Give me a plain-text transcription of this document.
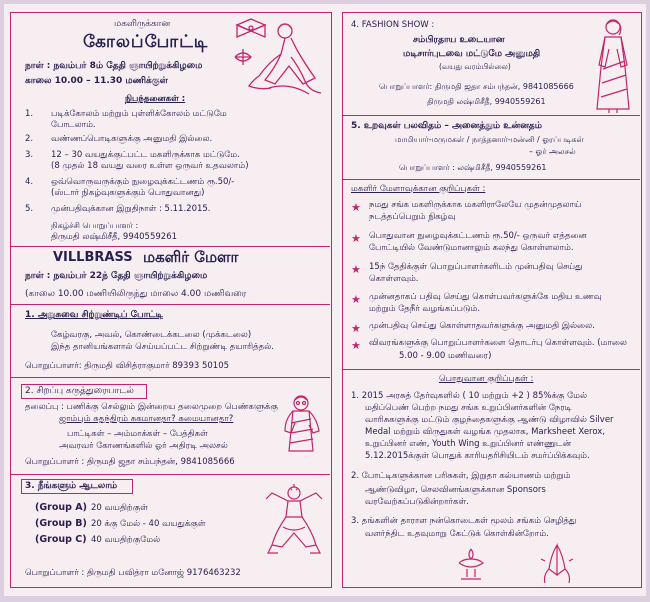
மகளிருக்கான
கோலப்போட்டி
நாள் : நவம்பர் 8ம் தேதி ஞாயிற்றுக்கிழமை
காலை 10.00 – 11.30 மணிக்குள்
நிபந்தனைகள் :
1. படிக்கோலம் மற்றும் புள்ளிக்கோலம் மட்டுமே
போடலாம்.
2. வண்ணப்பொடிகளுக்கு அனுமதி இல்லை.
3. 12 – 30 வயதுக்குட்பட்ட மகளிருக்காக மட்டுமே.
(8 முதல் 18 வயது வரை உள்ள ஒருவர் உதவலாம்)
4. ஒவ்வொருவருக்கும் நுழைவுக்கட்டணம் ரூ.50/-
(ஸ்டார் நிகழ்வுகளுக்கும் பொதுவானது)
5. முன்பதிவுக்கான இறுதிநாள் : 5.11.2015.
நிகழ்ச்சி பொறுப்பாளர் :
திருமதி லஷ்மிசீதீ, 9940559261
VILLBRASS மகளிர் மேளா
நாள் : நவம்பர் 22ந் தேதி ஞாயிற்றுக்கிழமை
(காலை 10.00 மணியிலிருந்து மாலை 4.00 மணிவரை
1. அறுசுவை சிற்றுண்டிப் போட்டி
கேழ்வரகு, அவல், கொண்டைக்கடலை (முக்கடலை)
இந்த தானியங்களால் செய்யப்பட்ட சிற்றுண்டி தயாரித்தல்.
பொறுப்பாளர்: திருமதி விசித்ராகுமார் 89393 50105
2. சிறப்பு கருத்துரையாடல்
தலைப்பு : பணிக்கு செல்லும் இன்றைய தலைமுறை பெண்களுக்கு
ஜாம்பும் சுதந்திரம் சுகமானதா? சுமையானதா?
பாட்டிகள் – அம்மாக்கள் – பேத்திகள்
அவரவர் கோணங்களில் ஓர் அதிரடி அலசல்
பொறுப்பாளர் : திருமதி ஜதா சம்பந்தன், 9841085666
3. நீங்களும் ஆடலாம்
(Group A) 20 வயதிற்குள்
(Group B) 20 க்கு மேல் - 40 வயதுக்குள்
(Group C) 40 வயதிற்குமேல்
பொறுப்பாளர் : திருமதி பவித்ரா மனோஜ் 9176463232
4. FASHION SHOW :
சம்பிரதாய உடையான
மடிசார்புடவை மட்டுமே அனுமதி
(வயது வரம்பில்லை)
பொறுப்பாளர்: திருமதி ஜதா சம்பந்தன், 9841085666
திருமதி லஷ்மிசீதீ, 9940559261
5. உறவுகள் பலவிதம் – அனைத்தும் உன்னதம்
மாமியார்-மருமகள் / நாத்தனார்-மன்னி / ஓரப்படிகள்
– ஓர் அலசல்
பொறுப்பாளர் : லஷ்மிசீதீ, 9940559261
மகளிர் மேளாவுக்கான குறிப்புகள் :
★ நமது சங்க மகளிருக்காக மகளிராலேயே முதன்முதலாய்
நடத்தப்பெறும் நிகழ்வு
★ பொதுவான நுழைவுக்கட்டணம் ரூ.50/- ஒருவர் எத்தனை
போட்டியில் வேண்டுமானாலும் கலந்து கொள்ளலாம்.
★ 15ந் தேதிக்குள் பொறுப்பாளர்களிடம் முன்பதிவு செய்து
கொள்ளவும்.
★ முன்னதாகப் பதிவு செய்து கொள்பவர்களுக்கே மதிய உணவு
மற்றும் தேநீர் வழங்கப்படும்.
★ முன்பதிவு செய்து கொள்ளாதவர்களுக்கு அனுமதி இல்லை.
★ விவரங்களுக்கு பொறுப்பாளர்களை தொடர்பு கொள்ளவும். (மாலை
5.00 - 9.00 மணிவரை)
பொதுவான குறிப்புகள் :
1. 2015 அரசுத் தேர்வுகளில் ( 10 மற்றும் +2 ) 85%க்கு மேல்
மதிப்பெண் பெற்ற நமது சங்க உறுப்பினர்களின் நேரடி
வாரிசுகளுக்கு மட்டும் குழந்தைகளுக்கு ஆண்டு விழாவில் Silver
Medal மற்றும் விருதுகள் வழங்க முதலாக, Marksheet Xerox,
உறுப்பினர் எண், Youth Wing உறுப்பினர் எண்ணுடன்
5.12.2015க்குள் பொதுக் காரியதரிசியிடம் சமர்ப்பிக்கவும்.
2. போட்டிகளுக்கான பரிசுகள், இறுதா கல்யாணம் மற்றும்
ஆண்டுவிழா, செலவினங்களுக்கான Sponsors
வரவேற்கப்படுகின்றார்கள்.
3. தங்களின் தாராள நன்கொடைகள் மூலம் சங்கம் செழித்து
வளர்ந்திட உதவுமாறு கேட்டுக் கொள்கின்றோம்.
